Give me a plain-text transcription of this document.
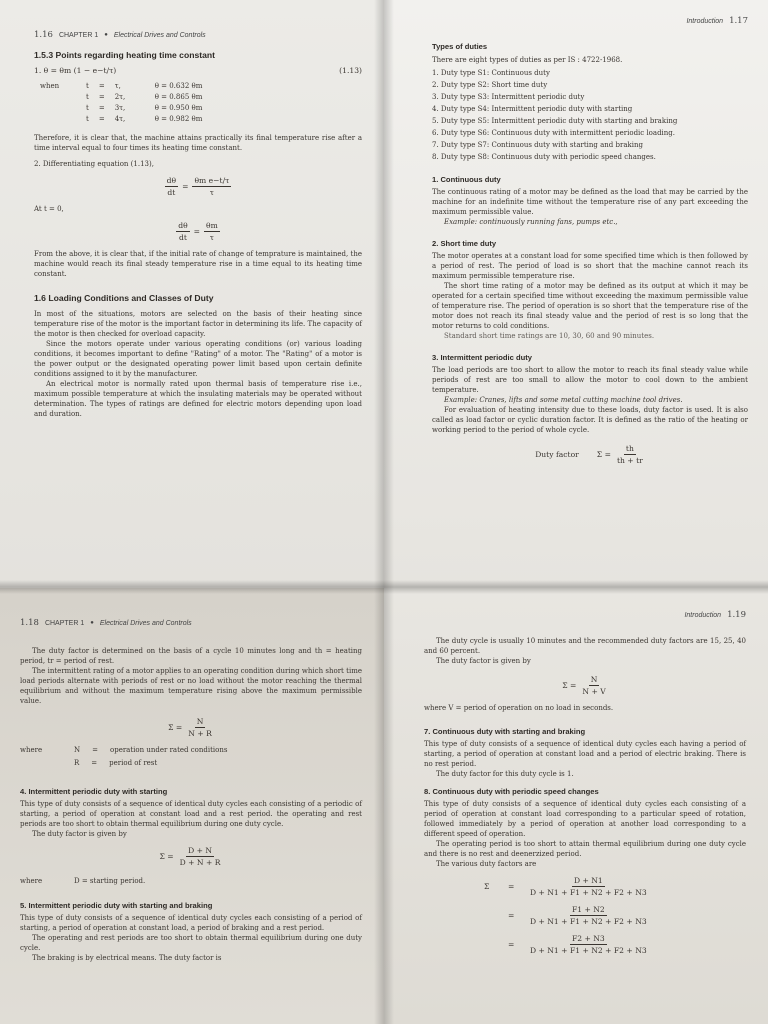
1.16 CHAPTER 1 ● Electrical Drives and Controls
1.5.3 Points regarding heating time constant
1. θ = θm (1 − e−t/τ)	(1.13)
when	t = τ,	θ = 0.632 θm
t = 2τ,	θ = 0.865 θm
t = 3τ,	θ = 0.950 θm
t = 4τ,	θ = 0.982 θm

Therefore, it is clear that, the machine attains practically its final temperature rise after a time interval equal to four times its heating time constant.

2. Differentiating equation (1.13),

$\frac{d\theta}{dt} = \frac{\text{θm e−t/τ}}{\tau}$

At t = 0,

$\frac{d\theta}{dt} = \frac{\theta m}{\tau}$

From the above, it is clear that, if the initial rate of change of temprature is maintained, the machine would reach its final steady temperature rise in a time equal to its heating time constant.

1.6 Loading Conditions and Classes of Duty

In most of the situations, motors are selected on the basis of their heating since temperature rise of the motor is the important factor in determining its life. The capacity of the motor is then checked for overload capacity.

Since the motors operate under various operating conditions (or) various loading conditions, it becomes important to define "Rating" of a motor. The "Rating" of a motor is the power output or the designated operating power limit based upon certain definite conditions assigned to it by the manufacturer.

An electrical motor is normally rated upon thermal basis of temperature rise i.e., maximum possible temperature at which the insulating materials may be operated without determination. The types of ratings are defined for electric motors depending upon load and duration.

Introduction 1.17
Types of duties

There are eight types of duties as per IS : 4722-1968.

1. Duty type S1: Continuous duty
2. Duty type S2: Short time duty
3. Duty type S3: Intermittent periodic duty
4. Duty type S4: Intermittent periodic duty with starting
5. Duty type S5: Intermittent periodic duty with starting and braking
6. Duty type S6: Continuous duty with intermittent periodic loading.
7. Duty type S7: Continuous duty with starting and braking
8. Duty type S8: Continuous duty with periodic speed changes.
1. Continuous duty

The continuous rating of a motor may be defined as the load that may be carried by the machine for an indefinite time without the temperature rise of any part exceeding the maximum permissible value.

Example: continuously running fans, pumps etc.,

2. Short time duty

The motor operates at a constant load for some specified time which is then followed by a period of rest. The period of load is so short that the machine cannot reach its maximum permissible temperature rise.

The short time rating of a motor may be defined as its output at which it may be operated for a certain specified time without exceeding the maximum permissible value of temperature rise. The period of operation is so short that the temperature rise of the motor does not reach its final steady value and the period of rest is so long that the motor returns to cold conditions.

Standard short time ratings are 10, 30, 60 and 90 minutes.

3. Intermittent periodic duty

The load periods are too short to allow the motor to reach its final steady value while periods of rest are too small to allow the motor to cool down to the ambient temperature.

Example: Cranes, lifts and some metal cutting machine tool drives.

For evaluation of heating intensity due to these loads, duty factor is used. It is also called as load factor or cyclic duration factor. It is defined as the ratio of the heating or working period to the period of whole cycle.

Duty factor $\Sigma = \frac{th}{th + tr}$
1.18 CHAPTER 1 ● Electrical Drives and Controls

The duty factor is determined on the basis of a cycle 10 minutes long and th = heating period, tr = period of rest.

The intermittent rating of a motor applies to an operating condition during which short time load periods alternate with periods of rest or no load without the motor reaching the thermal equilibrium and without the maximum temperature rising above the maximum permissible value.

$\Sigma = \frac{N}{N + R}$
where	N = operation under rated conditions
R = period of rest
4. Intermittent periodic duty with starting

This type of duty consists of a sequence of identical duty cycles each consisting of a periodic of starting, a period of operation at constant load and a rest period. the operating and rest periods are too short to obtain thermal equilibrium during one duty cycle.

The duty factor is given by

$\Sigma = \frac{D + N}{D + N + R}$
where	D = starting period.
5. Intermittent periodic duty with starting and braking

This type of duty consists of a sequence of identical duty cycles each consisting of a period of starting, a period of operation at constant load, a period of braking and a rest period.

The operating and rest periods are too short to obtain thermal equilibrium during one duty cycle.

The braking is by electrical means. The duty factor is

Introduction 1.19

The duty cycle is usually 10 minutes and the recommended duty factors are 15, 25, 40 and 60 percent.

The duty factor is given by

$\Sigma = \frac{N}{N + V}$

where V = period of operation on no load in seconds.

7. Continuous duty with starting and braking

This type of duty consists of a sequence of identical duty cycles each having a period of starting, a period of operation at constant load and a period of electric braking. There is no rest period.

The duty factor for this duty cycle is 1.

8. Continuous duty with periodic speed changes

This type of duty consists of a sequence of identical duty cycles each consisting of a period of operation at constant load corresponding to a particular speed of rotation, followed immediately by a period of operation at another load corresponding to a different speed of operation.

The operating period is too short to attain thermal equilibrium during one duty cycle and there is no rest and deenerzized period.

The various duty factors are

Σ	=	$\frac{D + N1}{D + N1 + F1 + N2 + F2 + N3}$
=	$\frac{F1 + N2}{D + N1 + F1 + N2 + F2 + N3}$
=	$\frac{F2 + N3}{D + N1 + F1 + N2 + F2 + N3}$
